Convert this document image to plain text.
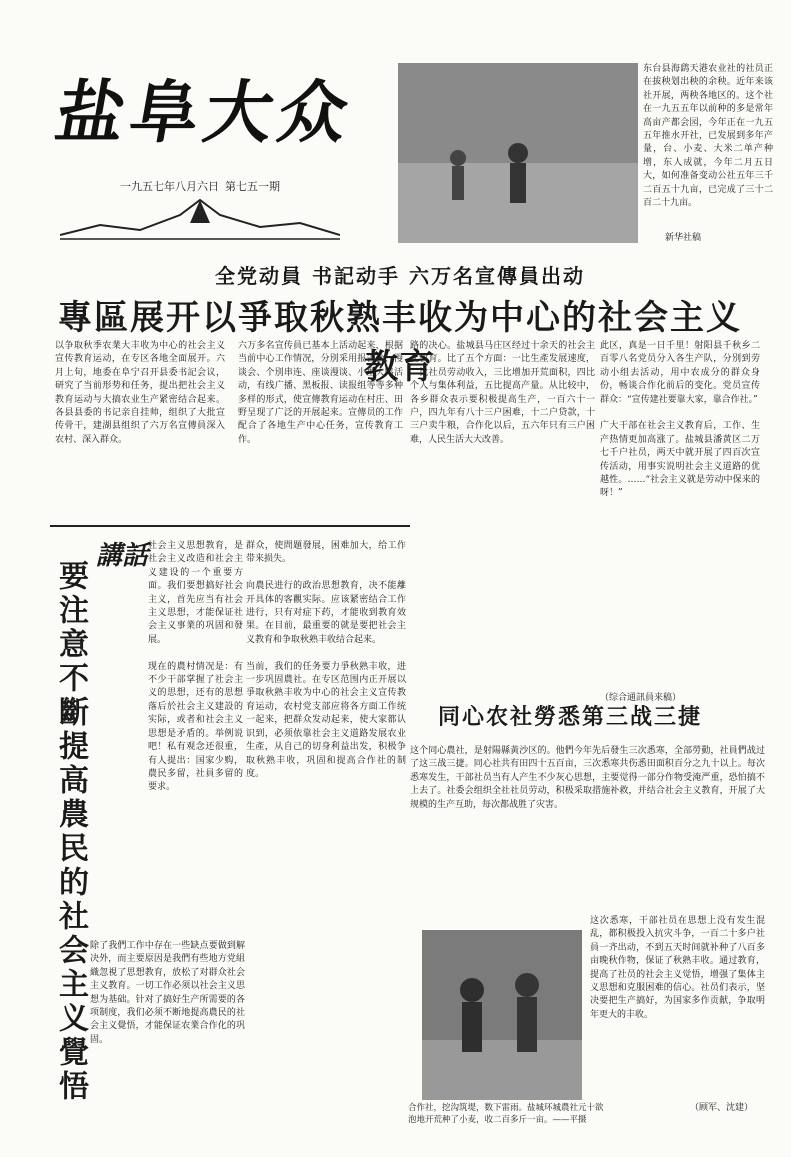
盐阜大众
一九五七年八月六日 第七五一期
东台县海鹞天港农业社的社员正在拔秧划出秧的余秧。近年来该社开展，两秧各地区的。这个社在一九五五年以前种的多是常年高亩产都会园，今年正在一九五五年推水开社，已发展到多年产量，台、小麦、大米二单产种增，东人成就，今年二月五日大，如何准备变动公社五年三千二百五十九亩，已完成了三十二百二十九亩。
新华社稿
全党动員 书記动手 六万名宣傳員出动
專區展开以爭取秋熟丰收为中心的社会主义教育
以争取秋季农業大丰收为中心的社会主义宣传教育运动，在专区各地全面展开。六月上旬，地委在阜宁召开县委书記会议，研究了当前形势和任务，提出把社会主义教育运动与大搞农业生产紧密结合起来。各县县委的书记亲自挂帅，组织了大批宣传骨干，建湖县组织了六万名宣傳員深入农村、深入群众。
六万多名宣传員已基本上活动起来，根据当前中心工作情况，分別采用报告会、漫谈会、个別串连、座谈漫谈、小型大鸣活动，有线广播、黑板报、读报组等等多种多样的形式，使宣傳教育运动在村庄、田野呈现了广泛的开展起来。宣傳员的工作配合了各地生产中心任务，宣传教育工作。
路的决心。盐城县马庄区经过十余天的社会主义教育。比了五个方面：一比生產发展速度，二比社员劳动收入，三比增加开荒面积，四比个人与集体利益，五比提高产量。从比较中，各乡群众表示要积极提高生产，一百六十一户，四九年有八十三户困难，十二户贷款，十三户卖牛粮，合作化以后，五六年只有三户困难，人民生活大大改善。
此区，真是一日千里！射阳县千秋乡二百零八名党员分入各生产队，分別到劳动小组去活动，用中农成分的群众身份，畅谈合作化前后的变化。党员宣传群众：“宣传建社要靠大家，靠合作社。”

广大干部在社会主义教育后，工作、生产热情更加高涨了。盐城县潘黄区二万七千户社员，两天中就开展了四百次宣传活动，用事实说明社会主义道路的优越性。……“社会主义就是劳动中保来的呀！”
（综合通訊員来稿）
講話
要注意不斷提高農民的社会主义覺悟
社会主义思想教育，是社会主义改造和社会主义建设的一个重要方面。我们要想搞好社会主义，首先应当有社会主义思想，才能保证社会主义事業的巩固和發展。

现在的農村情况是：有不少干部掌握了社会主义的思想，还有的思想落后於社会主义建設的实际，或者和社会主义思想是矛盾的。举例说吧！私有观念还很重，有人提出：国家少购，農民多留，社員多留的要求。
除了我們工作中存在一些缺点要做到解决外，而主要原因是我們有些地方党組織忽視了思想教育，放松了对群众社会主义教育。一切工作必须以社会主义思想为基础。针对了搞好生产所需要的各项制度，我们必须不断地提高農民的社会主义覺悟，才能保证农業合作化的巩固。
群众，使問題發展，困难加大，给工作带来损失。

向農民进行的政治思想教育，决不能離开具体的客觀实际。应该紧密结合工作进行，只有对症下药，才能收到教育效果。在目前，最重要的就是要把社会主义教育和争取秋熟丰收结合起来。

当前，我们的任务要力爭秋熟丰收，进一步巩固農社。在专区范围内正开展以爭取秋熟丰收为中心的社会主义宣传教育运动，农村党支部应将各方面工作统一起来，把群众发动起来，使大家都认识到，必须依靠社会主义道路发展农业生產，从自己的切身利益出发，积极争取秋熟丰收，巩固和提高合作社的制度。
同心农社勞悉第三战三捷
这个同心農社，是射陽縣黃沙区的。他們今年先后發生三次悉寒，全部勞動，社員們战过了这三战三捷。同心社共有田四十五百亩，三次悉寒共伤悉田面积百分之九十以上。每次悉寒发生，干部社员当有人产生不少灰心思想，主要觉得一部分作物受淹严重，恐怕搞不上去了。社委会组织全社社员劳动，积极采取措施补救，并结合社会主义教育，开展了大规模的生产互助，每次都战胜了灾害。
合作社，挖沟筑堤，数下雷雨。盐城环城農社元十欲泡地开荒种了小麦，收二百多斤一亩。——平摄
这次悉寒，干部社员在思想上没有发生混乱，都积极投入抗灾斗争，一百二十多户社員一齐出动，不到五天时间就补种了八百多亩晚秋作物，保证了秋熟丰收。通过教育，提高了社员的社会主义觉悟，增强了集体主义思想和克服困难的信心。社员们表示，坚决要把生产搞好，为国家多作贡献，争取明年更大的丰收。
（顾军、沈建）
